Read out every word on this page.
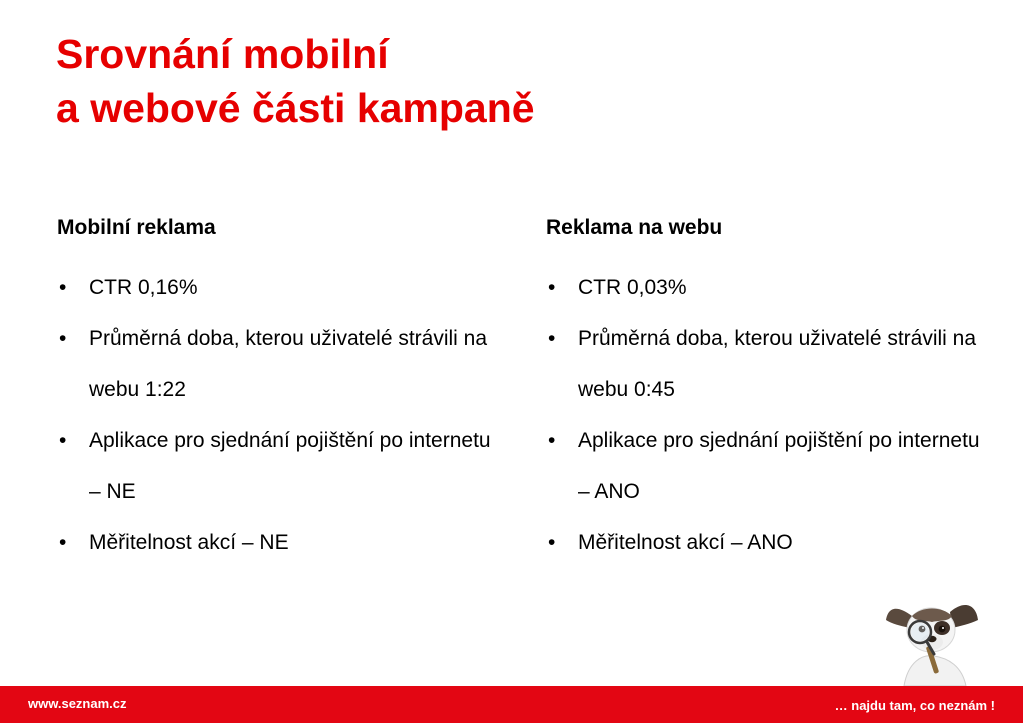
Srovnání mobilní
a webové části kampaně
Mobilní reklama
• CTR 0,16%
• Průměrná doba, kterou uživatelé strávili na webu 1:22
• Aplikace pro sjednání pojištění po internetu – NE
• Měřitelnost akcí – NE
Reklama na webu
• CTR 0,03%
• Průměrná doba, kterou uživatelé strávili na webu 0:45
• Aplikace pro sjednání pojištění po internetu – ANO
• Měřitelnost akcí – ANO
www.seznam.cz	… najdu tam, co neznám !
